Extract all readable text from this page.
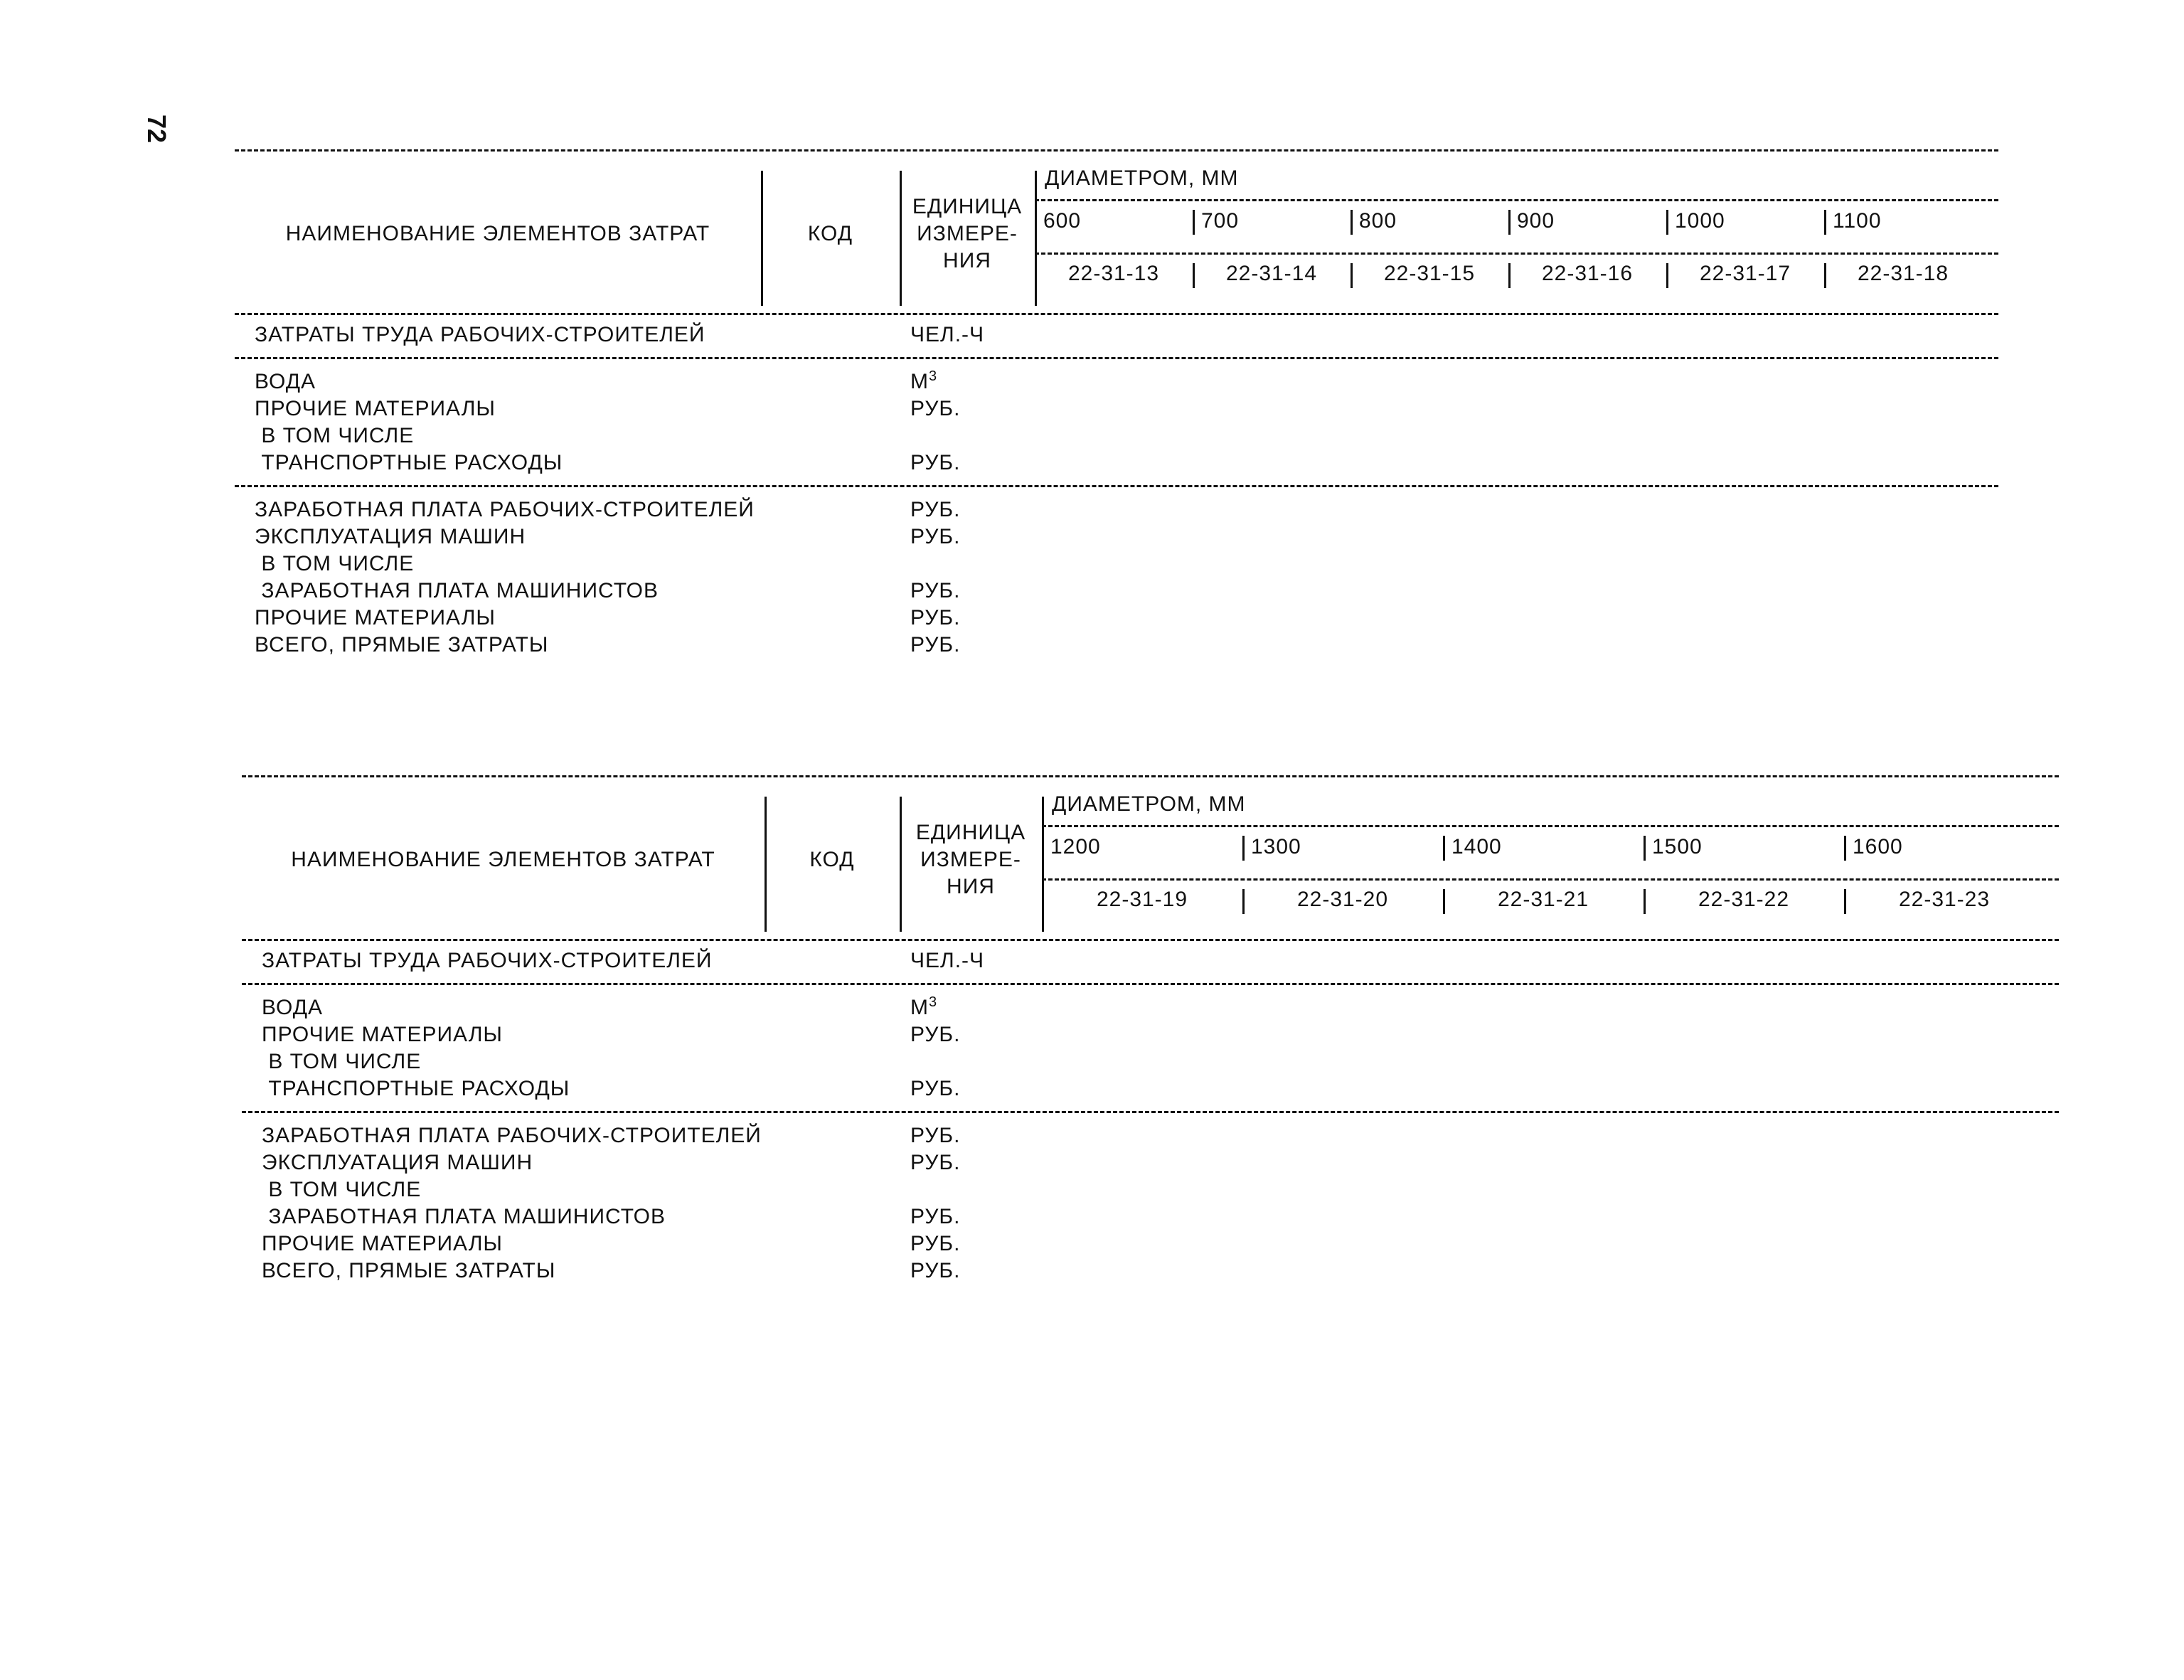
72
НАИМЕНОВАНИЕ ЭЛЕМЕНТОВ ЗАТРАТ	КОД
ЕДИНИЦА
ИЗМЕРЕ-
НИЯ
ДИАМЕТРОМ, ММ
600	700	800	900	1000	1100
22-31-13	22-31-14	22-31-15	22-31-16	22-31-17	22-31-18
ЗАТРАТЫ ТРУДА РАБОЧИХ-СТРОИТЕЛЕЙ	ЧЕЛ.-Ч
ВОДА	$М^3$
ПРОЧИЕ МАТЕРИАЛЫ	РУБ.
В ТОМ ЧИСЛЕ
ТРАНСПОРТНЫЕ РАСХОДЫ	РУБ.
ЗАРАБОТНАЯ ПЛАТА РАБОЧИХ-СТРОИТЕЛЕЙ	РУБ.
ЭКСПЛУАТАЦИЯ МАШИН	РУБ.
В ТОМ ЧИСЛЕ
ЗАРАБОТНАЯ ПЛАТА МАШИНИСТОВ	РУБ.
ПРОЧИЕ МАТЕРИАЛЫ	РУБ.
ВСЕГО, ПРЯМЫЕ ЗАТРАТЫ	РУБ.
НАИМЕНОВАНИЕ ЭЛЕМЕНТОВ ЗАТРАТ	КОД
ЕДИНИЦА
ИЗМЕРЕ-
НИЯ
ДИАМЕТРОМ, ММ
1200	1300	1400	1500	1600
22-31-19	22-31-20	22-31-21	22-31-22	22-31-23
ЗАТРАТЫ ТРУДА РАБОЧИХ-СТРОИТЕЛЕЙ	ЧЕЛ.-Ч
ВОДА	$М^3$
ПРОЧИЕ МАТЕРИАЛЫ	РУБ.
В ТОМ ЧИСЛЕ
ТРАНСПОРТНЫЕ РАСХОДЫ	РУБ.
ЗАРАБОТНАЯ ПЛАТА РАБОЧИХ-СТРОИТЕЛЕЙ	РУБ.
ЭКСПЛУАТАЦИЯ МАШИН	РУБ.
В ТОМ ЧИСЛЕ
ЗАРАБОТНАЯ ПЛАТА МАШИНИСТОВ	РУБ.
ПРОЧИЕ МАТЕРИАЛЫ	РУБ.
ВСЕГО, ПРЯМЫЕ ЗАТРАТЫ	РУБ.
